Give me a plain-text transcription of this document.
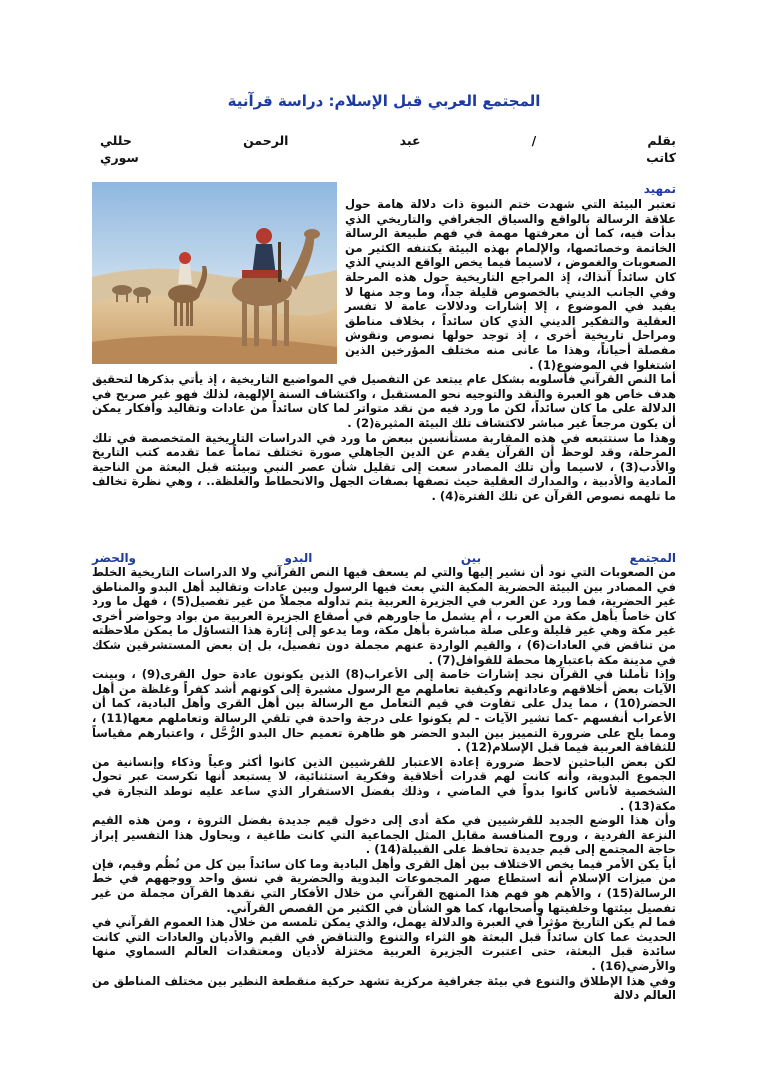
المجتمع العربي قبل الإسلام: دراسة قرآنية
بقلم
/
عبد
الرحمن
حللي
كاتب
سوري
تمهيد

تعتبر البيئة التي شهدت ختم النبوة ذات دلالة هامة حول علاقة الرسالة بالواقع والسياق الجغرافي والتاريخي الذي بدأت فيه، كما أن معرفتها مهمة في فهم طبيعة الرسالة الخاتمة وخصائصها، والإلمام بهذه البيئة يكتنفه الكثير من الصعوبات والغموض ، لاسيما فيما يخص الواقع الديني الذي كان سائداً آنذاك، إذ المراجع التاريخية حول هذه المرحلة وفي الجانب الديني بالخصوص قليلة جداً، وما وجد منها لا يفيد في الموضوع ، إلا إشارات ودلالات عامة لا تفسر العقلية والتفكير الديني الذي كان سائداً ، بخلاف مناطق ومراحل تاريخية أخرى ، إذ توجد حولها نصوص ونقوش مفصلة أحياناً، وهذا ما عانى منه مختلف المؤرخين الذين اشتغلوا في الموضوع(1) .

أما النص القرآني فأسلوبه بشكل عام يبتعد عن التفصيل في المواضيع التاريخية ، إذ يأتي بذكرها لتحقيق هدف خاص هو العبرة والنقد والتوجيه نحو المستقبل ، واكتشاف السنة الإلهية، لذلك فهو غير صريح في الدلالة على ما كان سائداً، لكن ما ورد فيه من نقد متواتر لما كان سائداً من عادات وتقاليد وأفكار يمكن أن يكون مرجعاً غير مباشر لاكتشاف تلك البيئة المثيرة(2) .

وهذا ما سنتتبعه في هذه المقاربة مستأنسين ببعض ما ورد في الدراسات التاريخية المتخصصة في تلك المرحلة، وقد لوحظ أن القرآن يقدم عن الدين الجاهلي صورة تختلف تماماً عما تقدمه كتب التاريخ والأدب(3) ، لاسيما وأن تلك المصادر سعت إلى تقليل شأن عصر النبي وبيئته قبل البعثة من الناحية المادية والأدبية ، والمدارك العقلية حيث تصفها بصفات الجهل والانحطاط والغلظة.. ، وهي نظرة تخالف ما تلهمه نصوص القرآن عن تلك الفترة(4) .

المجتمع
بين
البدو
والحضر

من الصعوبات التي نود أن نشير إليها والتي لم يسعف فيها النص القرآني ولا الدراسات التاريخية الخلط في المصادر بين البيئة الحضرية المكية التي بعث فيها الرسول وبين عادات وتقاليد أهل البدو والمناطق غير الحضرية، فما ورد عن العرب في الجزيرة العربية يتم تداوله مجملاً من غير تفصيل(5) ، فهل ما ورد كان خاصاً بأهل مكة من العرب ، أم يشمل ما جاورهم في أصقاع الجزيرة العربية من بواد وحواضر أخرى غير مكة وهي غير قليلة وعلى صلة مباشرة بأهل مكة، وما يدعو إلى إثارة هذا التساؤل ما يمكن ملاحظته من تناقض في العادات(6) ، والقيم الواردة عنهم مجملة دون تفصيل، بل إن بعض المستشرقين شكك في مدينة مكة باعتبارها محطة للقوافل(7) .

وإذا تأملنا في القرآن نجد إشارات خاصة إلى الأعراب(8) الذين يكونون عادة حول القرى(9) ، وبينت الآيات بعض أخلاقهم وعاداتهم وكيفية تعاملهم مع الرسول مشيرة إلى كونهم أشد كفراً وغلظة من أهل الحضر(10) ، مما يدل على تفاوت في قيم التعامل مع الرسالة بين أهل القرى وأهل البادية، كما أن الأعراب أنفسهم -كما تشير الآيات - لم يكونوا على درجة واحدة في تلقي الرسالة وتعاملهم معها(11) ، ومما يلح على ضرورة التمييز بين البدو الحضر هو ظاهرة تعميم حال البدو الرُّحَّل ، واعتبارهم مقياساً للثقافة العربية فيما قبل الإسلام(12) .

لكن بعض الباحثين لاحظ ضرورة إعادة الاعتبار للقرشيين الذين كانوا أكثر وعياً وذكاء وإنسانية من الجموع البدوية، وأنه كانت لهم قدرات أخلاقية وفكرية استثنائية، لا يستبعد أنها تكرست عبر تحول الشخصية لأناس كانوا بدواً في الماضي ، وذلك بفضل الاستقرار الذي ساعد عليه توطد التجارة في مكة(13) .

وأن هذا الوضع الجديد للقرشيين في مكة أدى إلى دخول قيم جديدة بفضل الثروة ، ومن هذه القيم النزعة الفردية ، وروح المنافسة مقابل المثل الجماعية التي كانت طاغية ، ويحاول هذا التفسير إبراز حاجة المجتمع إلى قيم جديدة تحافظ على القبيلة(14) .

أياً يكن الأمر فيما يخص الاختلاف بين أهل القرى وأهل البادية وما كان سائداً بين كل من نُظُم وقيم، فإن من ميزات الإسلام أنه استطاع صهر المجموعات البدوية والحضرية في نسق واحد ووجههم في خط الرسالة(15) ، والأهم هو فهم هذا المنهج القرآني من خلال الأفكار التي نقدها القرآن مجملة من غير تفصيل بيئتها وخلفيتها وأصحابها، كما هو الشأن في الكثير من القصص القرآني.

فما لم يكن التاريخ مؤثراً في العبرة والدلالة يهمل، والذي يمكن تلمسه من خلال هذا العموم القرآني في الحديث عما كان سائداً قبل البعثة هو الثراء والتنوع والتناقض في القيم والأديان والعادات التي كانت سائدة قبل البعثة، حتى اعتبرت الجزيرة العربية مختزلة لأديان ومعتقدات العالم السماوي منها والأرضي(16) .

وفي هذا الإطلاق والتنوع في بيئة جغرافية مركزية تشهد حركية منقطعة النظير بين مختلف المناطق من العالم دلالة
